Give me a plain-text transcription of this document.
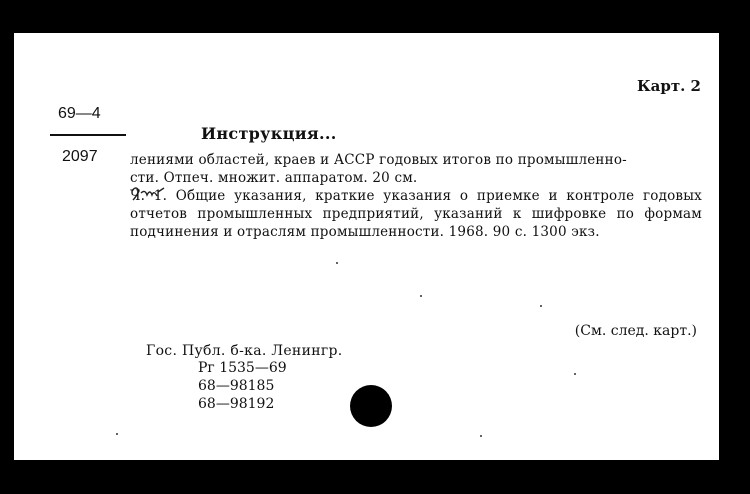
Карт. 2
69—4
2097
Инструкция...
лениями областей, краев и АССР годовых итогов по промышленно-
сти. Отпеч. множит. аппаратом. 20 см.
Ч. 1. Общие указания, краткие указания о приемке и контроле годовых отчетов промышленных предприятий, указаний к шифровке по формам подчинения и отраслям промышленности. 1968. 90 с. 1300 экз.
(См. след. карт.)
Гос. Публ. б-ка. Ленингр.
Рг 1535—69
68—98185
68—98192
